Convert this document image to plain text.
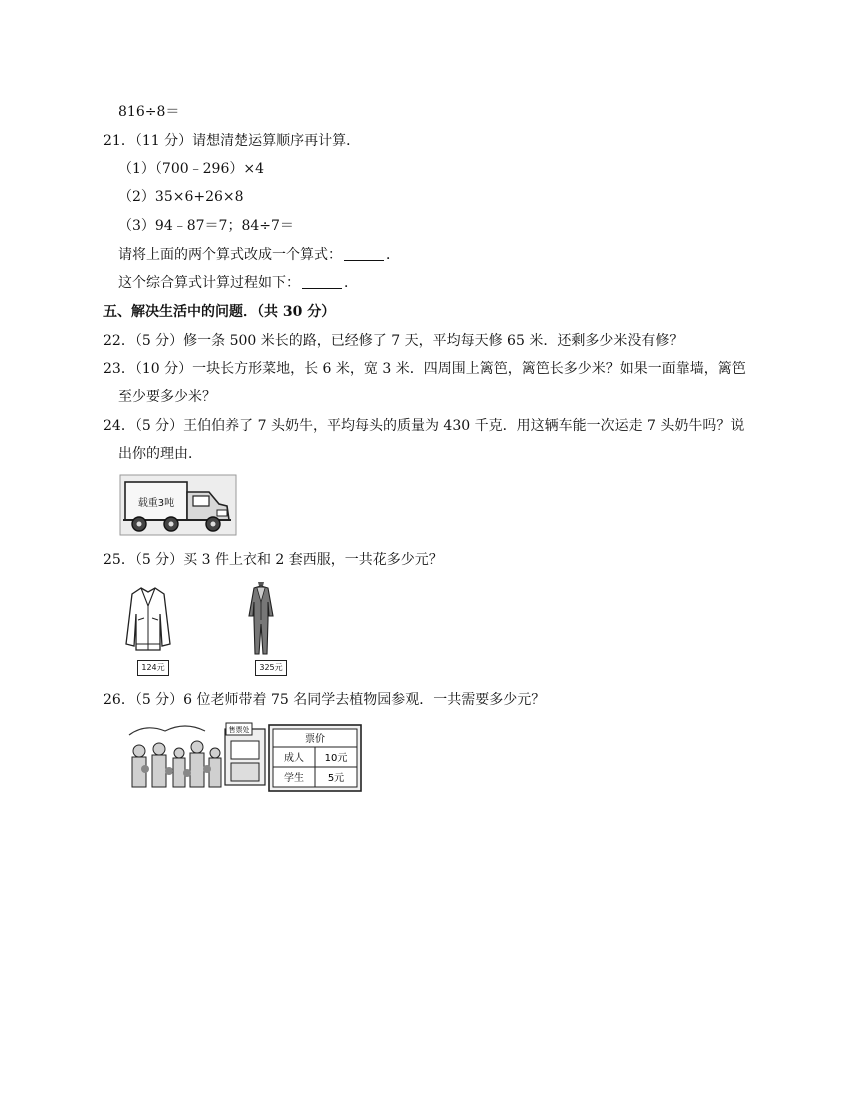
816÷8＝
21．（11 分）请想清楚运算顺序再计算．
（1）（700﹣296）×4
（2）35×6+26×8
（3）94﹣87＝7；84÷7＝
请将上面的两个算式改成一个算式：	．
这个综合算式计算过程如下：	．
五、解决生活中的问题．（共 30 分）
22．（5 分）修一条 500 米长的路，已经修了 7 天，平均每天修 65 米．还剩多少米没有修？
23．（10 分）一块长方形菜地，长 6 米，宽 3 米．四周围上篱笆，篱笆长多少米？如果一面靠墙，篱笆
至少要多少米？
24．（5 分）王伯伯养了 7 头奶牛，平均每头的质量为 430 千克．用这辆车能一次运走 7 头奶牛吗？说
出你的理由．
载重3吨
25．（5 分）买 3 件上衣和 2 套西服，一共花多少元？
124元	325元
26．（5 分）6 位老师带着 75 名同学去植物园参观．一共需要多少元？
售票处
票价
成人 10元
学生 5元
